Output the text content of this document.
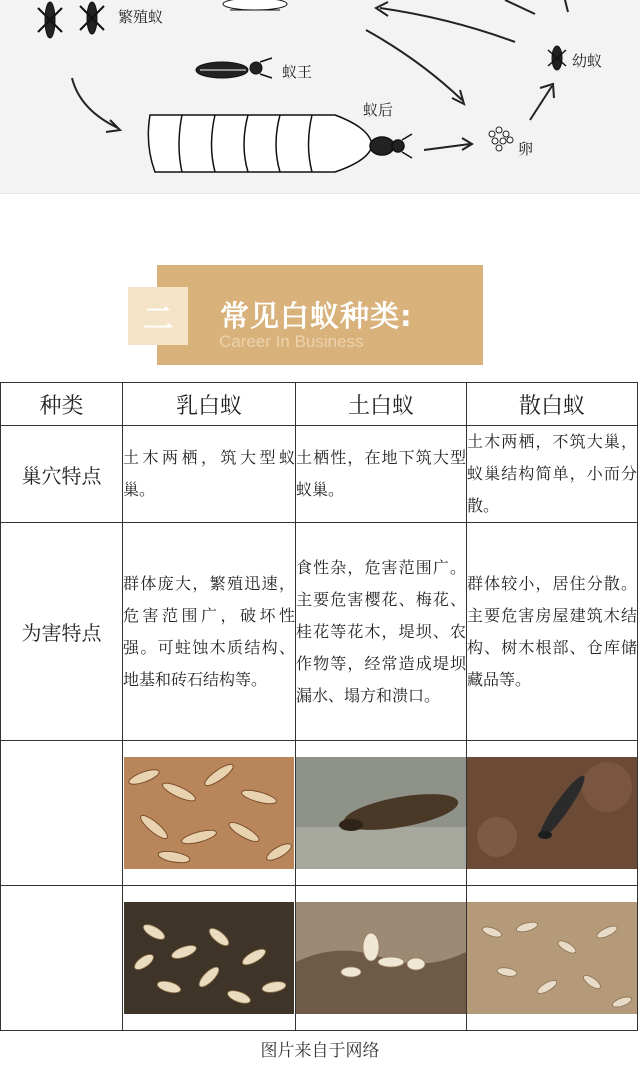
繁殖蚁
蚁王
蚁后
幼蚁
卵
二	常见白蚁种类:
Career In Business
种类	乳白蚁	土白蚁	散白蚁
巢穴特点	土木两栖，筑大型蚁巢。	土栖性，在地下筑大型蚁巢。	土木两栖，不筑大巢，蚁巢结构简单，小而分散。
为害特点	群体庞大，繁殖迅速，危害范围广，破坏性强。可蛀蚀木质结构、地基和砖石结构等。	食性杂，危害范围广。主要危害樱花、梅花、桂花等花木，堤坝、农作物等，经常造成堤坝漏水、塌方和溃口。	群体较小，居住分散。主要危害房屋建筑木结构、树木根部、仓库储藏品等。

图片来自于网络
